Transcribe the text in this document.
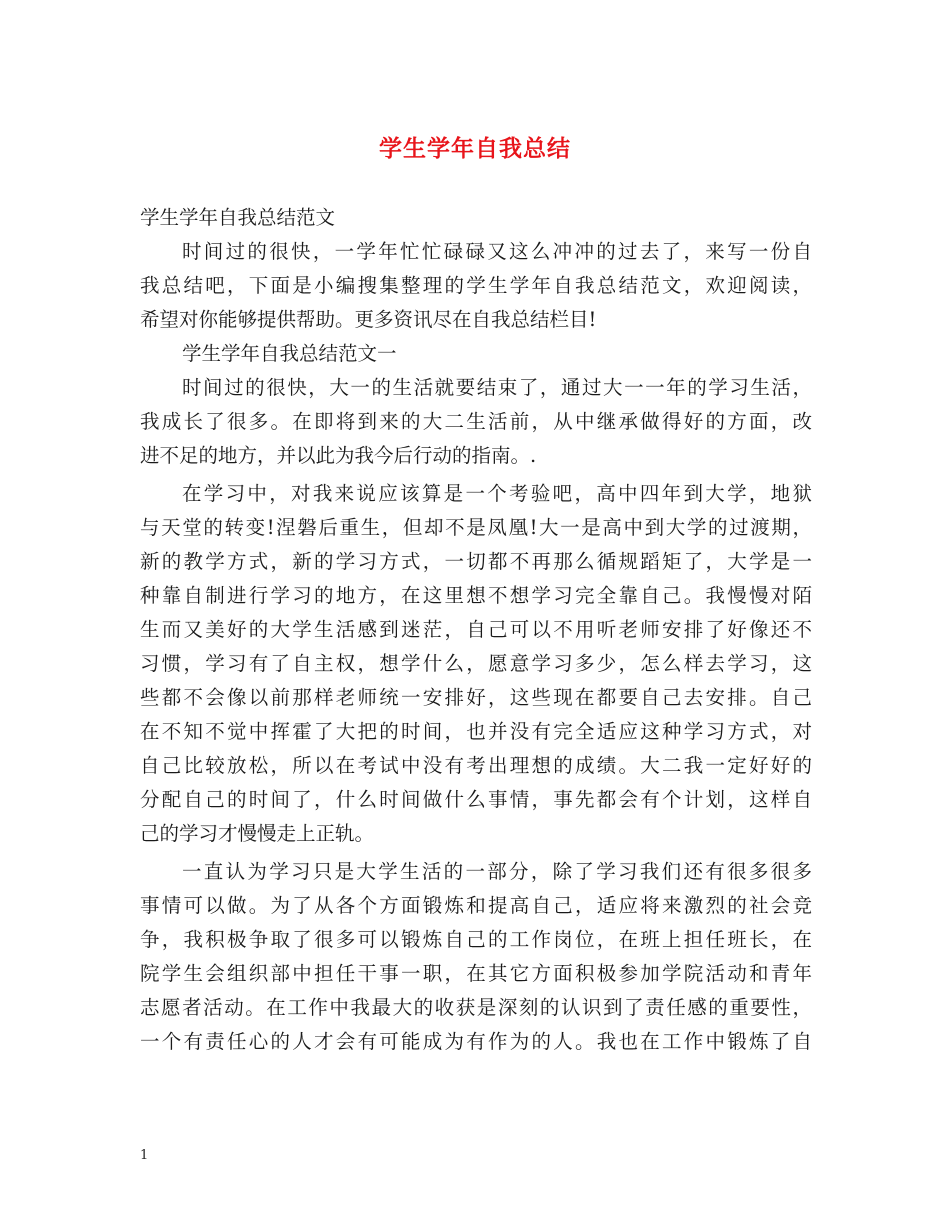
学生学年自我总结
学生学年自我总结范文
时间过的很快，一学年忙忙碌碌又这么冲冲的过去了，来写一份自
我总结吧，下面是小编搜集整理的学生学年自我总结范文，欢迎阅读，
希望对你能够提供帮助。更多资讯尽在自我总结栏目!
学生学年自我总结范文一
时间过的很快，大一的生活就要结束了，通过大一一年的学习生活，
我成长了很多。在即将到来的大二生活前，从中继承做得好的方面，改
进不足的地方，并以此为我今后行动的指南。.
在学习中，对我来说应该算是一个考验吧，高中四年到大学，地狱
与天堂的转变!涅磐后重生，但却不是凤凰!大一是高中到大学的过渡期，
新的教学方式，新的学习方式，一切都不再那么循规蹈矩了，大学是一
种靠自制进行学习的地方，在这里想不想学习完全靠自己。我慢慢对陌
生而又美好的大学生活感到迷茫，自己可以不用听老师安排了好像还不
习惯，学习有了自主权，想学什么，愿意学习多少，怎么样去学习，这
些都不会像以前那样老师统一安排好，这些现在都要自己去安排。自己
在不知不觉中挥霍了大把的时间，也并没有完全适应这种学习方式，对
自己比较放松，所以在考试中没有考出理想的成绩。大二我一定好好的
分配自己的时间了，什么时间做什么事情，事先都会有个计划，这样自
己的学习才慢慢走上正轨。
一直认为学习只是大学生活的一部分，除了学习我们还有很多很多
事情可以做。为了从各个方面锻炼和提高自己，适应将来激烈的社会竞
争，我积极争取了很多可以锻炼自己的工作岗位，在班上担任班长，在
院学生会组织部中担任干事一职，在其它方面积极参加学院活动和青年
志愿者活动。在工作中我最大的收获是深刻的认识到了责任感的重要性，
一个有责任心的人才会有可能成为有作为的人。我也在工作中锻炼了自
1
